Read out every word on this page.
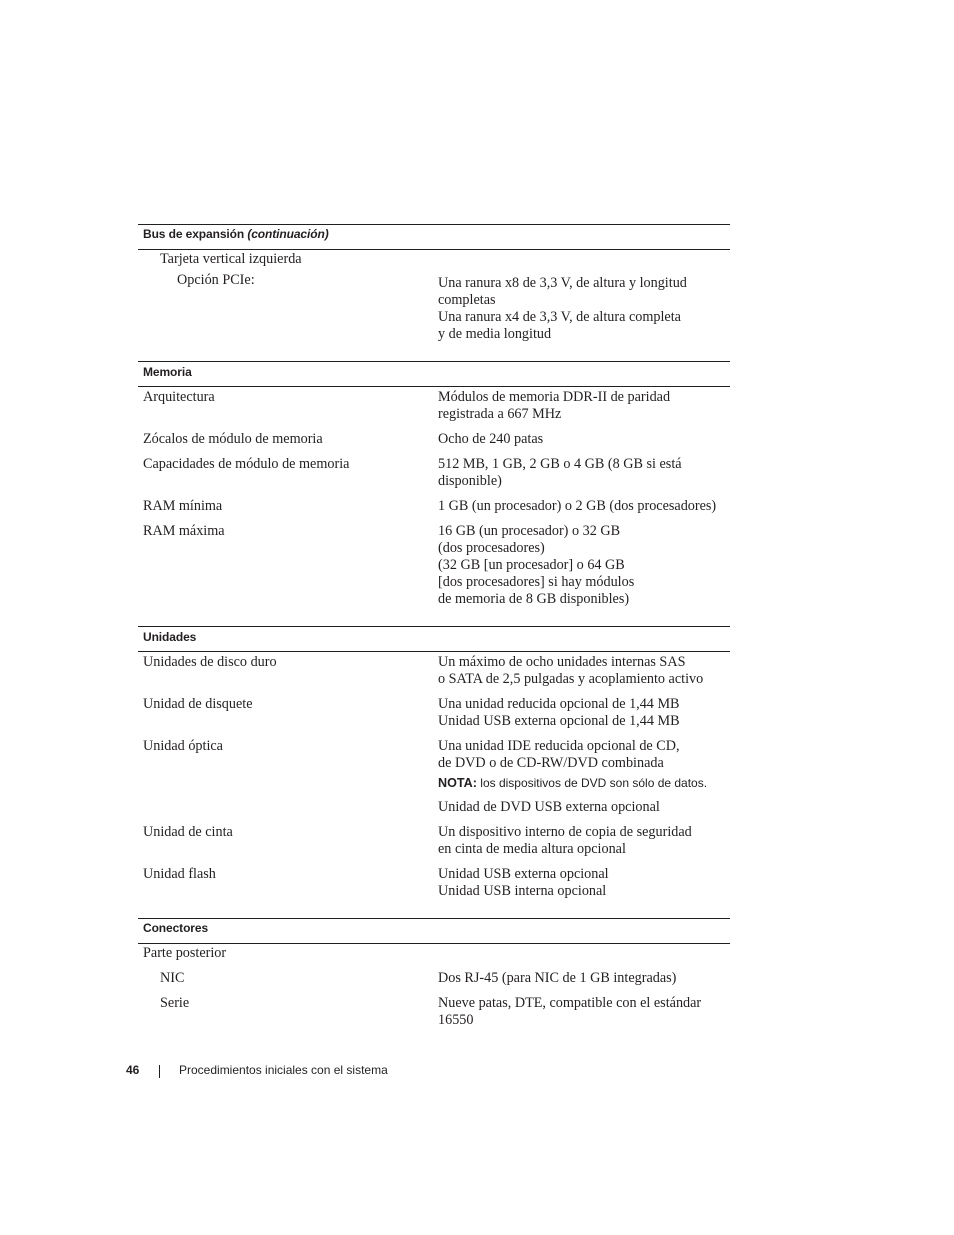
Bus de expansión (continuación)
Tarjeta vertical izquierda
Opción PCIe:	Una ranura x8 de 3,3 V, de altura y longitud
completas
Una ranura x4 de 3,3 V, de altura completa
y de media longitud
Memoria
Arquitectura	Módulos de memoria DDR-II de paridad
registrada a 667 MHz
Zócalos de módulo de memoria	Ocho de 240 patas
Capacidades de módulo de memoria	512 MB, 1 GB, 2 GB o 4 GB (8 GB si está
disponible)
RAM mínima	1 GB (un procesador) o 2 GB (dos procesadores)
RAM máxima	16 GB (un procesador) o 32 GB
(dos procesadores)
(32 GB [un procesador] o 64 GB
[dos procesadores] si hay módulos
de memoria de 8 GB disponibles)
Unidades
Unidades de disco duro	Un máximo de ocho unidades internas SAS
o SATA de 2,5 pulgadas y acoplamiento activo
Unidad de disquete	Una unidad reducida opcional de 1,44 MB
Unidad USB externa opcional de 1,44 MB
Unidad óptica	Una unidad IDE reducida opcional de CD,
de DVD o de CD-RW/DVD combinada
NOTA: los dispositivos de DVD son sólo de datos.
Unidad de DVD USB externa opcional
Unidad de cinta	Un dispositivo interno de copia de seguridad
en cinta de media altura opcional
Unidad flash	Unidad USB externa opcional
Unidad USB interna opcional
Conectores
Parte posterior
NIC	Dos RJ-45 (para NIC de 1 GB integradas)
Serie	Nueve patas, DTE, compatible con el estándar
16550
46	Procedimientos iniciales con el sistema
